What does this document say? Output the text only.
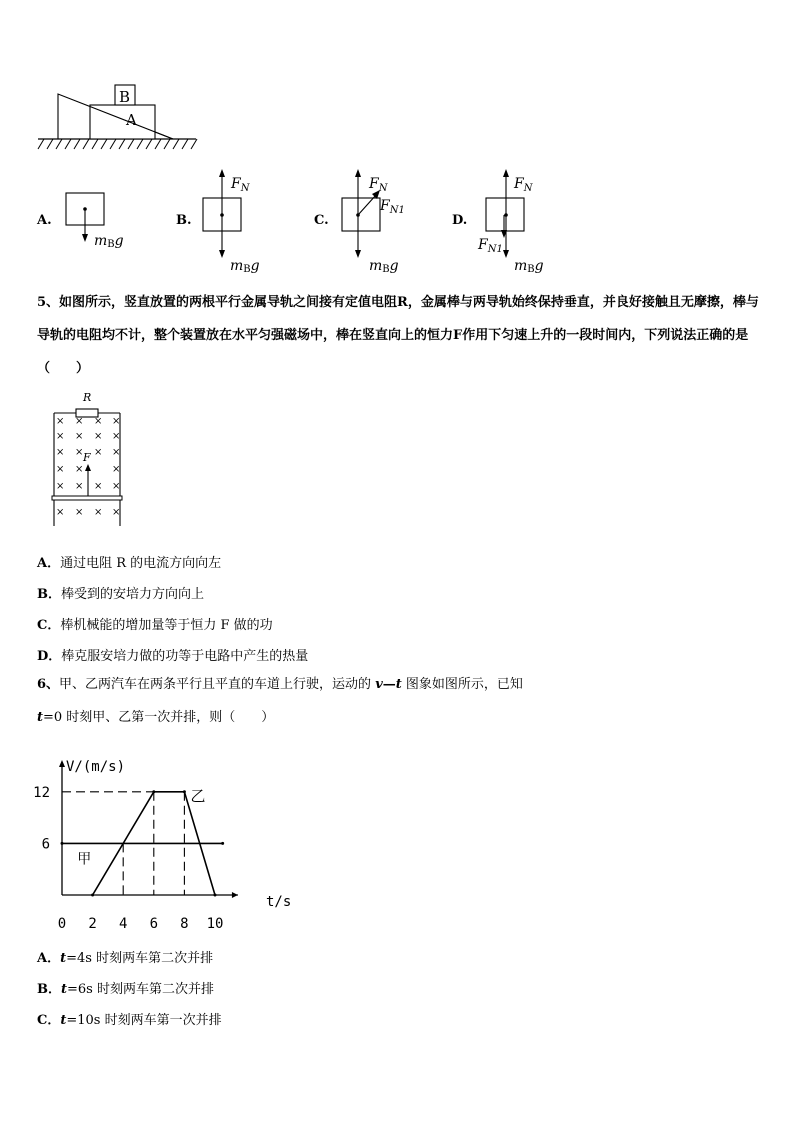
B
A
A.
mBg
B.
$F_N$
mBg
C.
$F_N$
$F_{N1}$
mBg
D.
$F_N$
$F_{N1}$
mBg
5、如图所示，竖直放置的两根平行金属导轨之间接有定值电阻R，金属棒与两导轨始终保持垂直，并良好接触且无摩擦，棒与导轨的电阻均不计，整个装置放在水平匀强磁场中，棒在竖直向上的恒力F作用下匀速上升的一段时间内，下列说法正确的是（　　）
R
F
× × × ×
× × × ×
× × × ×
× ×	×
× × × ×
× × × ×
A．通过电阻 R 的电流方向向左
B．棒受到的安培力方向向上
C．棒机械能的增加量等于恒力 F 做的功
D．棒克服安培力做的功等于电路中产生的热量
6、甲、乙两汽车在两条平行且平直的车道上行驶，运动的 v—t 图象如图所示，已知 t=0 时刻甲、乙第一次并排，则（　　）
V/(m/s)
t/s
0 2 4 6 8 10
6
12
甲
乙
A．t=4s 时刻两车第二次并排
B．t=6s 时刻两车第二次并排
C．t=10s 时刻两车第一次并排
